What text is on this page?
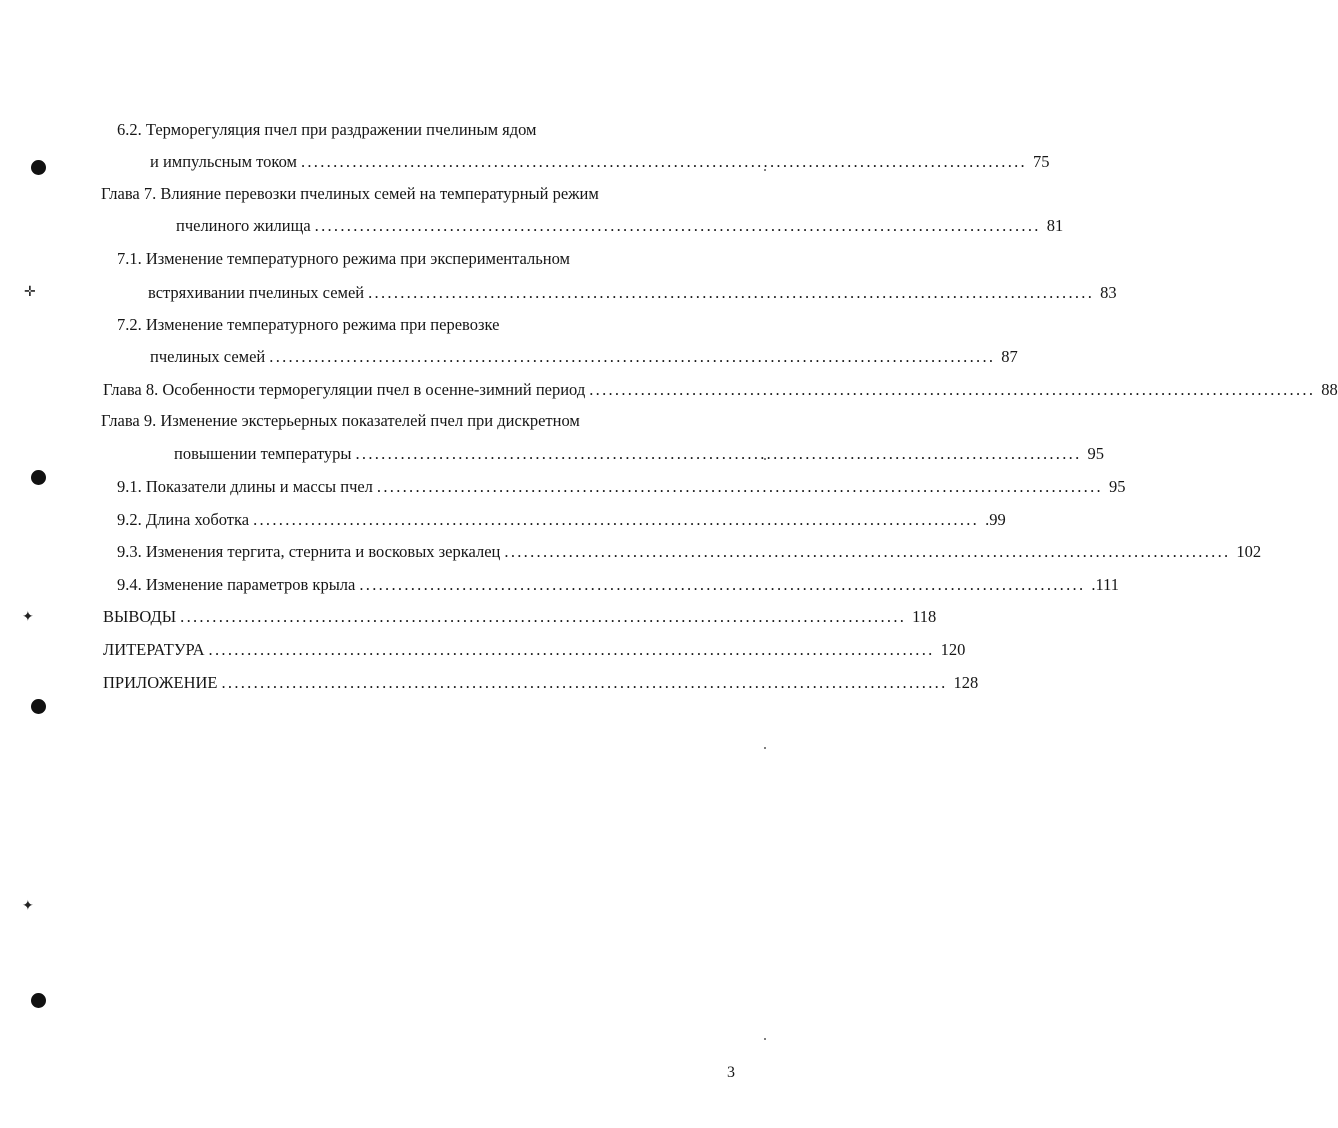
✛
✦
✦
6.2. Терморегуляция пчел при раздражении пчелиным ядом
и импульсным током ................................................................................................................. 75
Глава 7. Влияние перевозки пчелиных семей на температурный режим
пчелиного жилища ................................................................................................................. 81
7.1. Изменение температурного режима при экспериментальном
встряхивании пчелиных семей ................................................................................................................. 83
7.2. Изменение температурного режима при перевозке
пчелиных семей ................................................................................................................. 87
Глава 8. Особенности терморегуляции пчел в осенне-зимний период ................................................................................................................. 88
Глава 9. Изменение экстерьерных показателей пчел при дискретном
повышении температуры ................................................................................................................. 95
9.1. Показатели длины и массы пчел ................................................................................................................. 95
9.2. Длина хоботка ................................................................................................................. .99
9.3. Изменения тергита, стернита и восковых зеркалец ................................................................................................................. 102
9.4. Изменение параметров крыла ................................................................................................................. .111
ВЫВОДЫ ................................................................................................................. 118
ЛИТЕРАТУРА ................................................................................................................. 120
ПРИЛОЖЕНИЕ ................................................................................................................. 128
3
